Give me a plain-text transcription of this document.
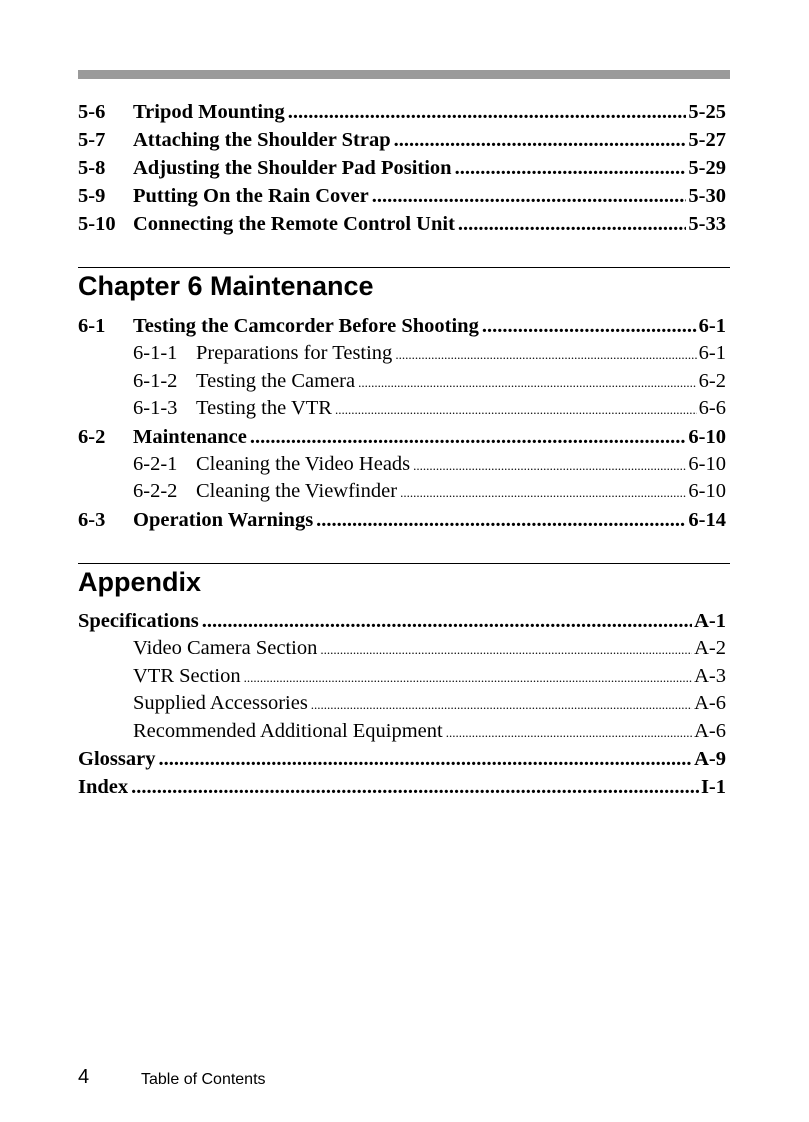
5-6	Tripod Mounting .....	5-25
5-7	Attaching the Shoulder Strap .....	5-27
5-8	Adjusting the Shoulder Pad Position .....	5-29
5-9	Putting On the Rain Cover .....	5-30
5-10 Connecting the Remote Control Unit .....	5-33
Chapter 6 Maintenance
6-1	Testing the Camcorder Before Shooting .....	6-1
6-1-1 Preparations for Testing .....	6-1
6-1-2 Testing the Camera .....	6-2
6-1-3 Testing the VTR .....	6-6
6-2	Maintenance .....	6-10
6-2-1 Cleaning the Video Heads .....	6-10
6-2-2 Cleaning the Viewfinder .....	6-10
6-3	Operation Warnings .....	6-14
Appendix
Specifications .....	A-1
Video Camera Section .....	A-2
VTR Section .....	A-3
Supplied Accessories .....	A-6
Recommended Additional Equipment .....	A-6
Glossary .....	A-9
Index .....	I-1
4	Table of Contents
